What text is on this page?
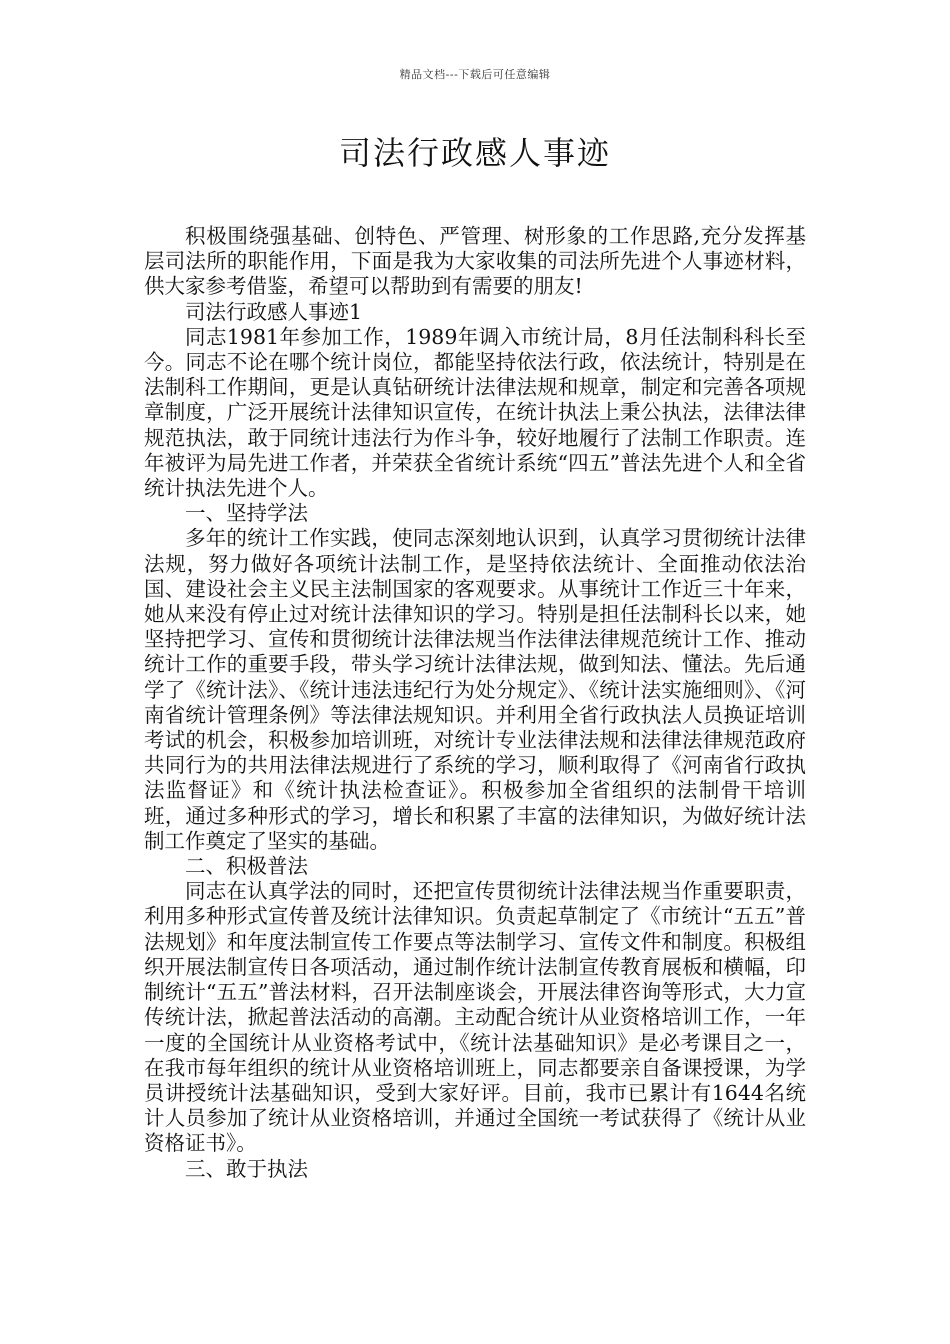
精品文档---下载后可任意编辑
司法行政感人事迹

积极围绕强基础、创特色、严管理、树形象的工作思路,充分发挥基层司法所的职能作用，下面是我为大家收集的司法所先进个人事迹材料，供大家参考借鉴，希望可以帮助到有需要的朋友!

司法行政感人事迹1

同志1981年参加工作，1989年调入市统计局，8月任法制科科长至今。同志不论在哪个统计岗位，都能坚持依法行政，依法统计，特别是在法制科工作期间，更是认真钻研统计法律法规和规章，制定和完善各项规章制度，广泛开展统计法律知识宣传，在统计执法上秉公执法，法律法律规范执法，敢于同统计违法行为作斗争，较好地履行了法制工作职责。连年被评为局先进工作者，并荣获全省统计系统“四五”普法先进个人和全省统计执法先进个人。

一、坚持学法

多年的统计工作实践，使同志深刻地认识到，认真学习贯彻统计法律法规，努力做好各项统计法制工作，是坚持依法统计、全面推动依法治国、建设社会主义民主法制国家的客观要求。从事统计工作近三十年来，她从来没有停止过对统计法律知识的学习。特别是担任法制科长以来，她坚持把学习、宣传和贯彻统计法律法规当作法律法律规范统计工作、推动统计工作的重要手段，带头学习统计法律法规，做到知法、懂法。先后通学了《统计法》、《统计违法违纪行为处分规定》、《统计法实施细则》、《河南省统计管理条例》等法律法规知识。并利用全省行政执法人员换证培训考试的机会，积极参加培训班，对统计专业法律法规和法律法律规范政府共同行为的共用法律法规进行了系统的学习，顺利取得了《河南省行政执法监督证》和《统计执法检查证》。积极参加全省组织的法制骨干培训班，通过多种形式的学习，增长和积累了丰富的法律知识，为做好统计法制工作奠定了坚实的基础。

二、积极普法

同志在认真学法的同时，还把宣传贯彻统计法律法规当作重要职责，利用多种形式宣传普及统计法律知识。负责起草制定了《市统计“五五”普法规划》和年度法制宣传工作要点等法制学习、宣传文件和制度。积极组织开展法制宣传日各项活动，通过制作统计法制宣传教育展板和横幅，印制统计“五五”普法材料，召开法制座谈会，开展法律咨询等形式，大力宣传统计法，掀起普法活动的高潮。主动配合统计从业资格培训工作，一年一度的全国统计从业资格考试中，《统计法基础知识》是必考课目之一，在我市每年组织的统计从业资格培训班上，同志都要亲自备课授课，为学员讲授统计法基础知识，受到大家好评。目前，我市已累计有1644名统计人员参加了统计从业资格培训，并通过全国统一考试获得了《统计从业资格证书》。

三、敢于执法
